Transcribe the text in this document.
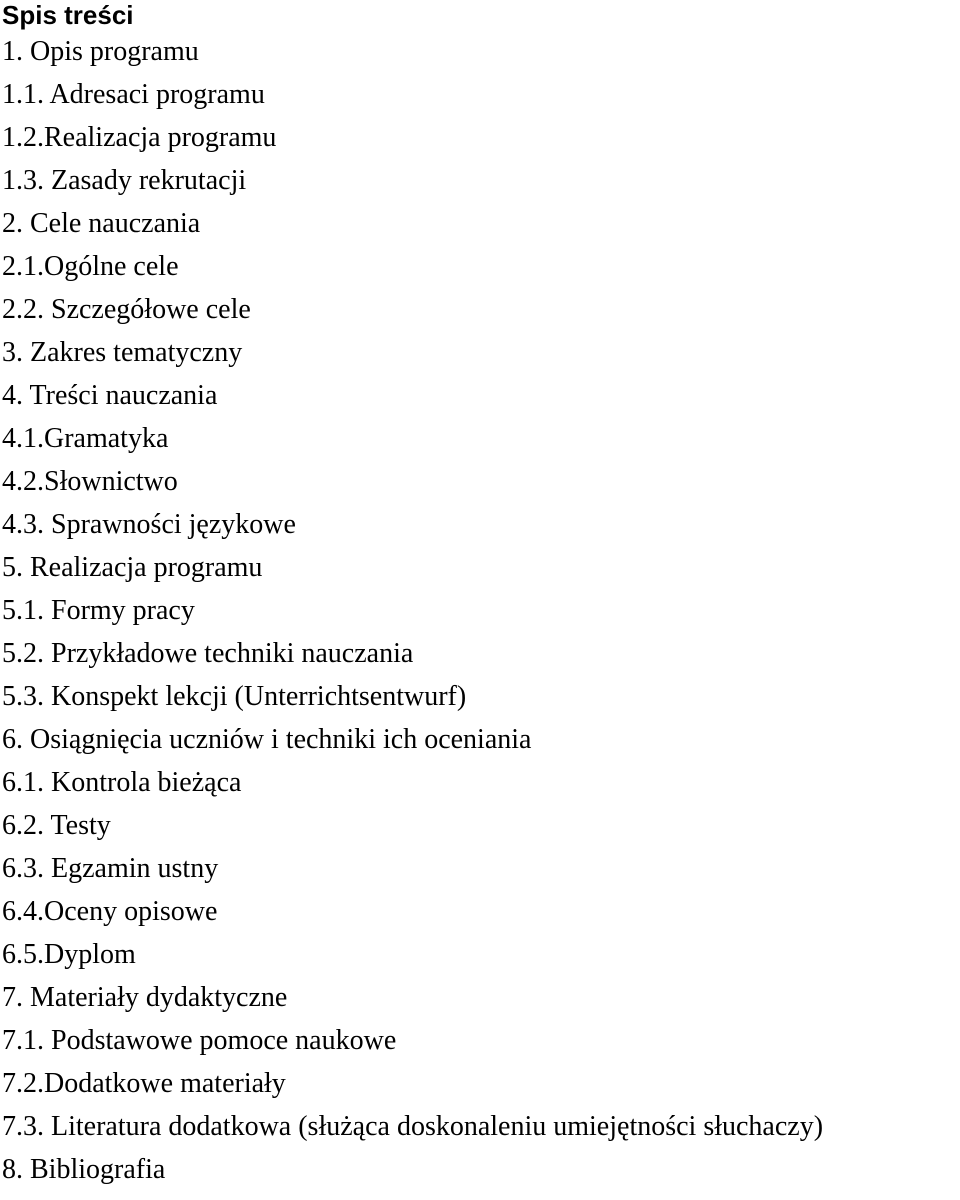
Spis treści
1. Opis programu
1.1. Adresaci programu
1.2.Realizacja programu
1.3. Zasady rekrutacji
2. Cele nauczania
2.1.Ogólne cele
2.2. Szczegółowe cele
3. Zakres tematyczny
4. Treści nauczania
4.1.Gramatyka
4.2.Słownictwo
4.3. Sprawności językowe
5. Realizacja programu
5.1. Formy pracy
5.2. Przykładowe techniki nauczania
5.3. Konspekt lekcji (Unterrichtsentwurf)
6. Osiągnięcia uczniów i techniki ich oceniania
6.1. Kontrola bieżąca
6.2. Testy
6.3. Egzamin ustny
6.4.Oceny opisowe
6.5.Dyplom
7. Materiały dydaktyczne
7.1. Podstawowe pomoce naukowe
7.2.Dodatkowe materiały
7.3. Literatura dodatkowa (służąca doskonaleniu umiejętności słuchaczy)
8. Bibliografia
